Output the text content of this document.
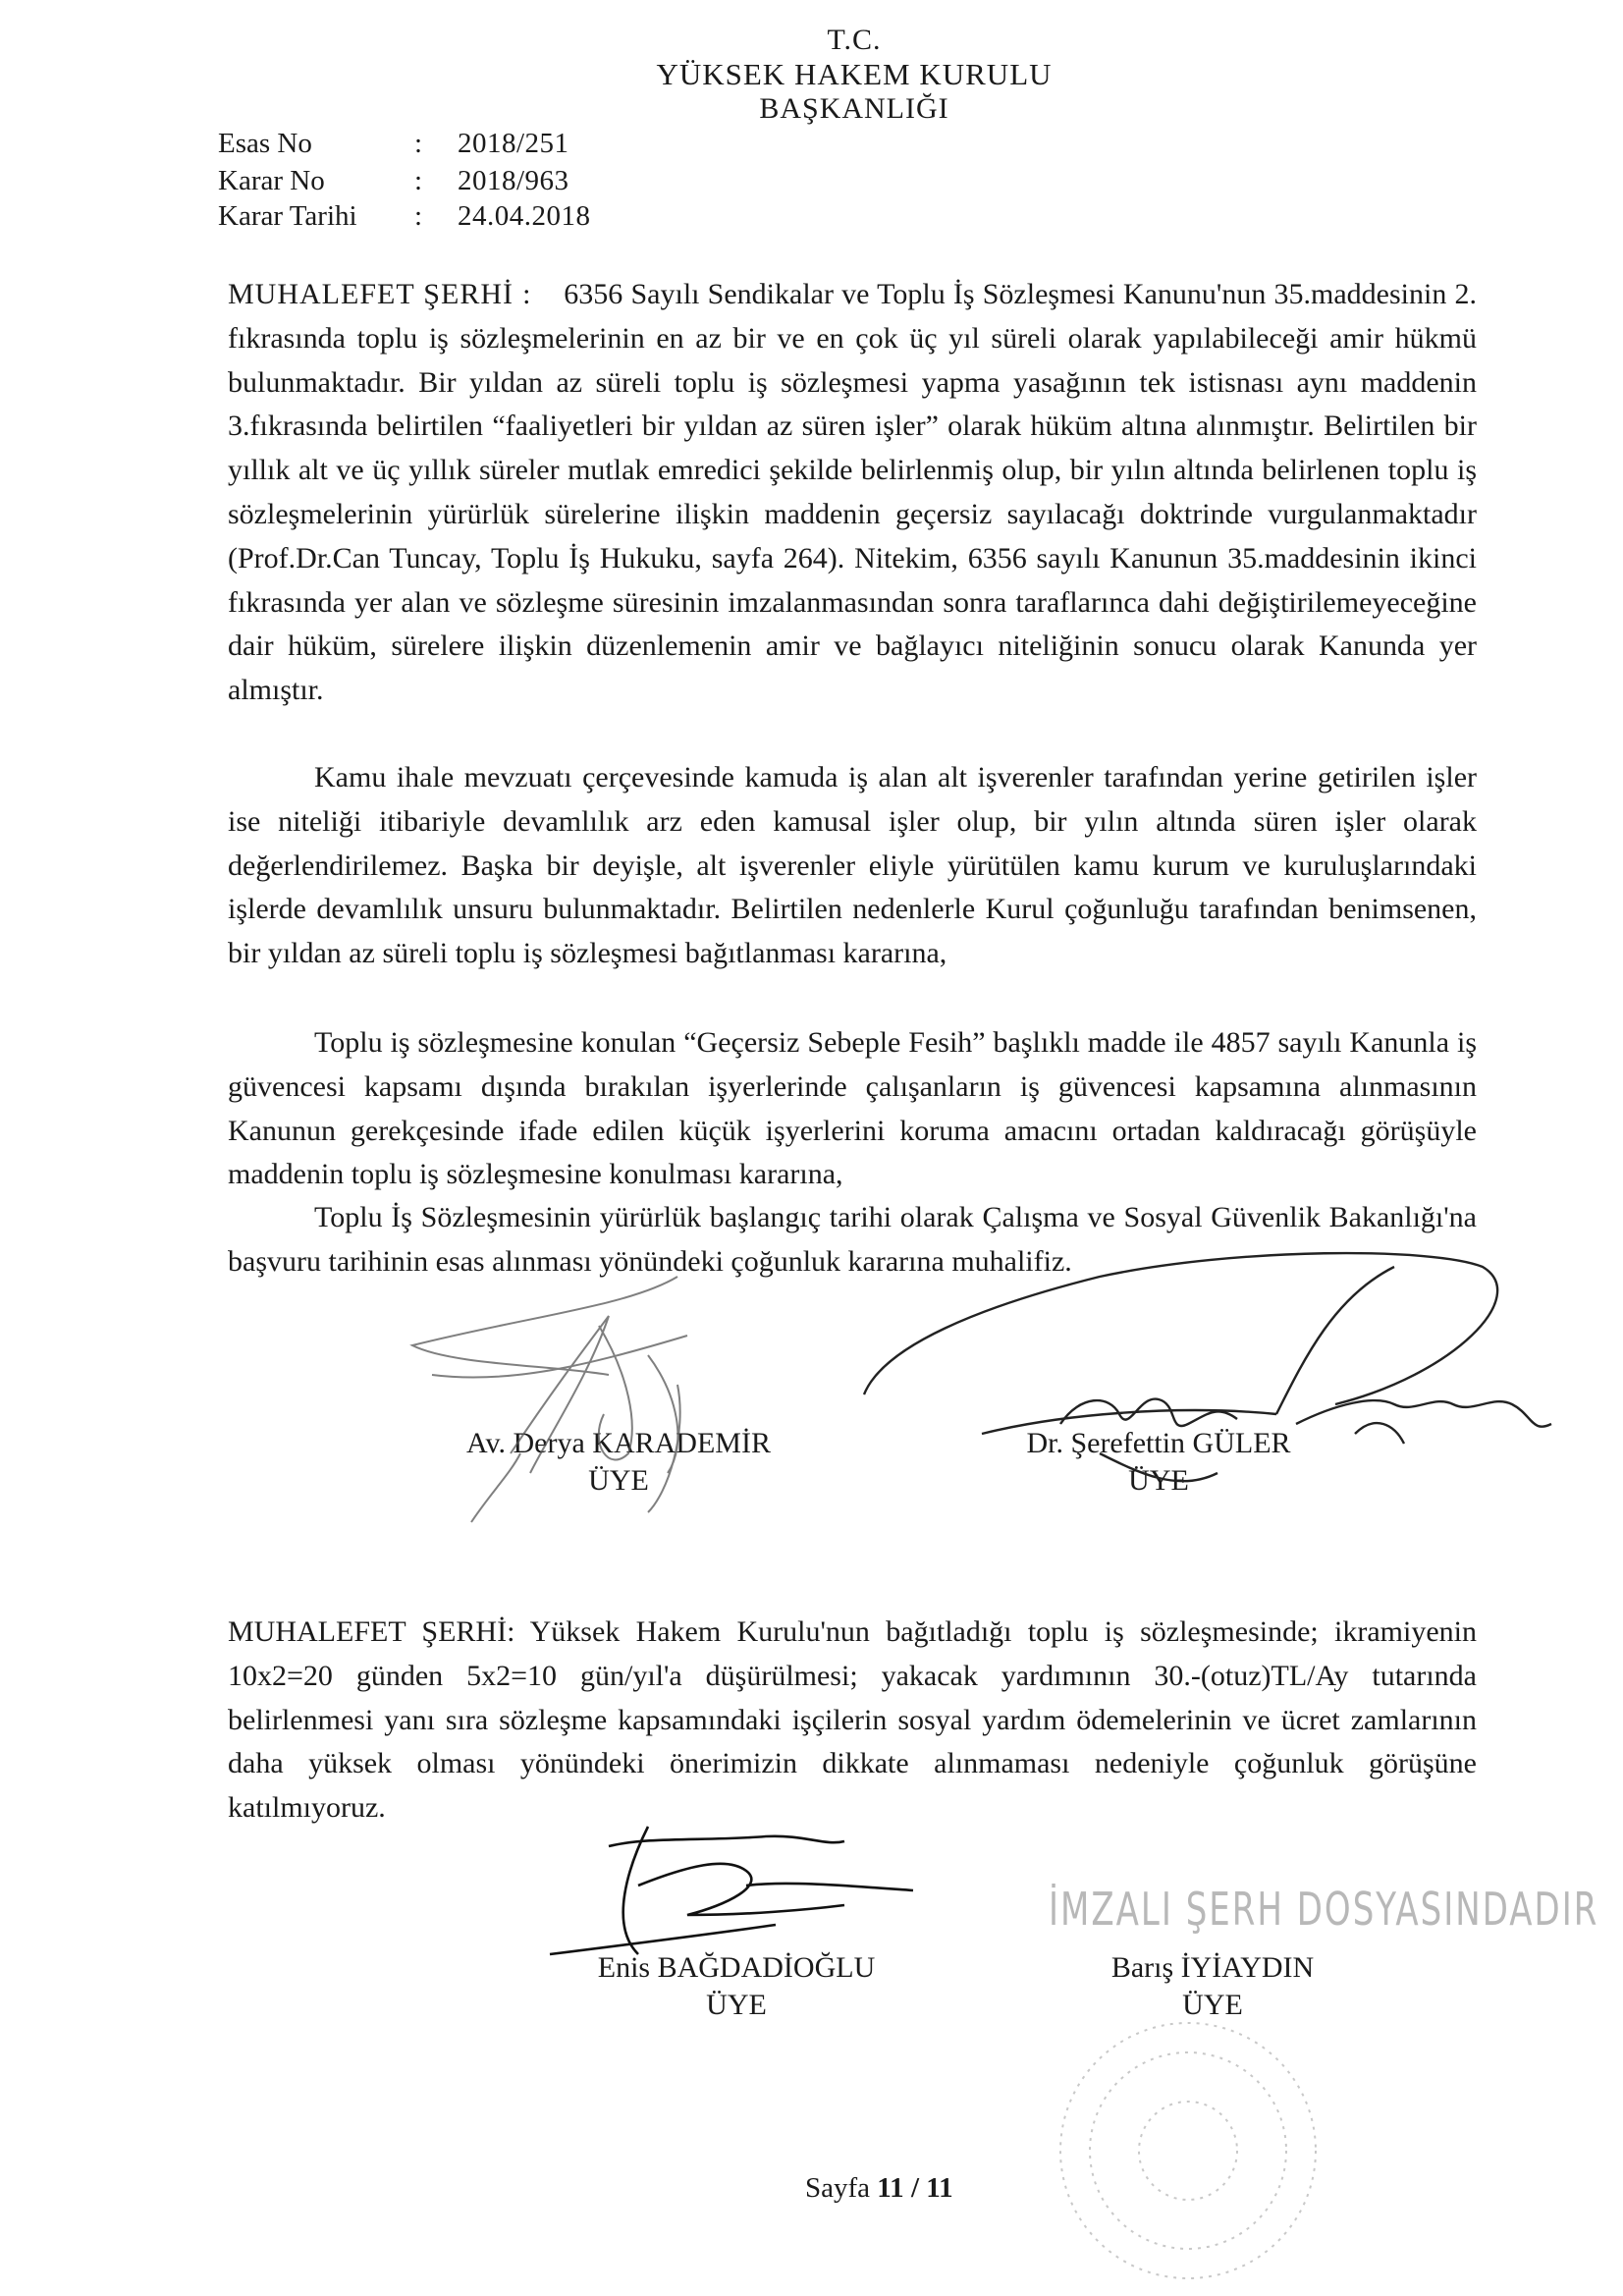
T.C.
YÜKSEK HAKEM KURULU
BAŞKANLIĞI
Esas No	: 2018/251
Karar No	: 2018/963
Karar Tarihi : 24.04.2018

MUHALEFET ŞERHİ : 6356 Sayılı Sendikalar ve Toplu İş Sözleşmesi Kanunu'nun 35.maddesinin 2. fıkrasında toplu iş sözleşmelerinin en az bir ve en çok üç yıl süreli olarak yapılabileceği amir hükmü bulunmaktadır. Bir yıldan az süreli toplu iş sözleşmesi yapma yasağının tek istisnası aynı maddenin 3.fıkrasında belirtilen “faaliyetleri bir yıldan az süren işler” olarak hüküm altına alınmıştır. Belirtilen bir yıllık alt ve üç yıllık süreler mutlak emredici şekilde belirlenmiş olup, bir yılın altında belirlenen toplu iş sözleşmelerinin yürürlük sürelerine ilişkin maddenin geçersiz sayılacağı doktrinde vurgulanmaktadır (Prof.Dr.Can Tuncay, Toplu İş Hukuku, sayfa 264). Nitekim, 6356 sayılı Kanunun 35.maddesinin ikinci fıkrasında yer alan ve sözleşme süresinin imzalanmasından sonra taraflarınca dahi değiştirilemeyeceğine dair hüküm, sürelere ilişkin düzenlemenin amir ve bağlayıcı niteliğinin sonucu olarak Kanunda yer almıştır.

Kamu ihale mevzuatı çerçevesinde kamuda iş alan alt işverenler tarafından yerine getirilen işler ise niteliği itibariyle devamlılık arz eden kamusal işler olup, bir yılın altında süren işler olarak değerlendirilemez. Başka bir deyişle, alt işverenler eliyle yürütülen kamu kurum ve kuruluşlarındaki işlerde devamlılık unsuru bulunmaktadır. Belirtilen nedenlerle Kurul çoğunluğu tarafından benimsenen, bir yıldan az süreli toplu iş sözleşmesi bağıtlanması kararına,

Toplu iş sözleşmesine konulan “Geçersiz Sebeple Fesih” başlıklı madde ile 4857 sayılı Kanunla iş güvencesi kapsamı dışında bırakılan işyerlerinde çalışanların iş güvencesi kapsamına alınmasının Kanunun gerekçesinde ifade edilen küçük işyerlerini koruma amacını ortadan kaldıracağı görüşüyle maddenin toplu iş sözleşmesine konulması kararına,

Toplu İş Sözleşmesinin yürürlük başlangıç tarihi olarak Çalışma ve Sosyal Güvenlik Bakanlığı'na başvuru tarihinin esas alınması yönündeki çoğunluk kararına muhalifiz.

Av. Derya KARADEMİR
ÜYE
Dr. Şerefettin GÜLER
ÜYE

MUHALEFET ŞERHİ: Yüksek Hakem Kurulu'nun bağıtladığı toplu iş sözleşmesinde; ikramiyenin 10x2=20 günden 5x2=10 gün/yıl'a düşürülmesi; yakacak yardımının 30.-(otuz)TL/Ay tutarında belirlenmesi yanı sıra sözleşme kapsamındaki işçilerin sosyal yardım ödemelerinin ve ücret zamlarının daha yüksek olması yönündeki önerimizin dikkate alınmaması nedeniyle çoğunluk görüşüne katılmıyoruz.

Enis BAĞDADİOĞLU
ÜYE
Barış İYİAYDIN
ÜYE
İMZALI ŞERH DOSYASINDADIR
Sayfa 11 / 11
